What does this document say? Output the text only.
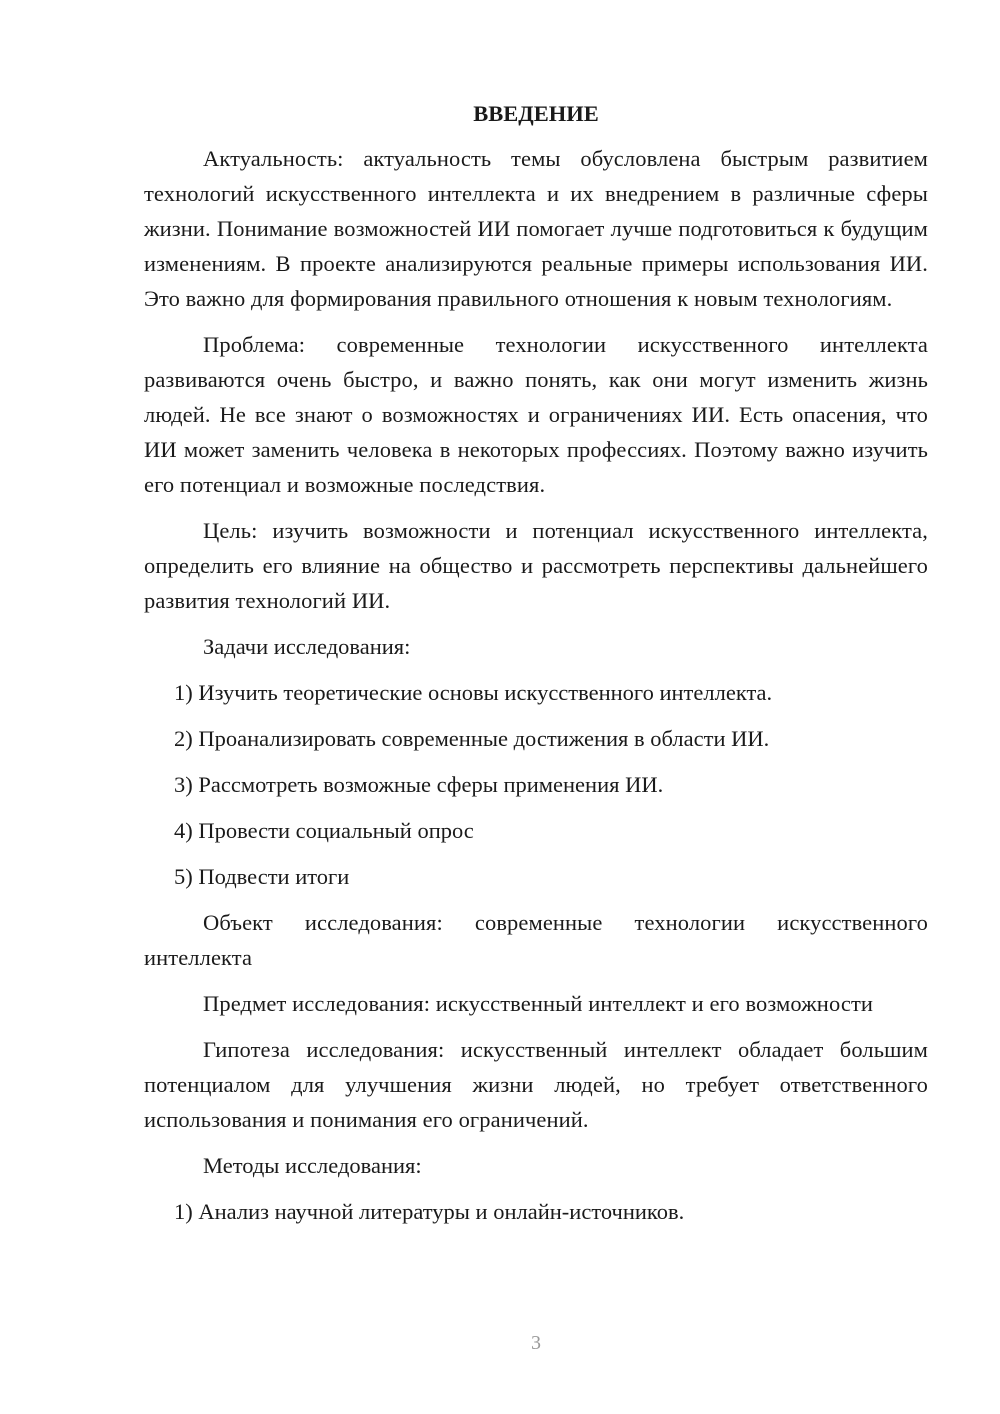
ВВЕДЕНИЕ

Актуальность: актуальность темы обусловлена быстрым развитием технологий искусственного интеллекта и их внедрением в различные сферы жизни. Понимание возможностей ИИ помогает лучше подготовиться к будущим изменениям. В проекте анализируются реальные примеры использования ИИ. Это важно для формирования правильного отношения к новым технологиям.

Проблема: современные технологии искусственного интеллекта развиваются очень быстро, и важно понять, как они могут изменить жизнь людей. Не все знают о возможностях и ограничениях ИИ. Есть опасения, что ИИ может заменить человека в некоторых профессиях. Поэтому важно изучить его потенциал и возможные последствия.

Цель: изучить возможности и потенциал искусственного интеллекта, определить его влияние на общество и рассмотреть перспективы дальнейшего развития технологий ИИ.

Задачи исследования:
1) Изучить теоретические основы искусственного интеллекта.
2) Проанализировать современные достижения в области ИИ.
3) Рассмотреть возможные сферы применения ИИ.
4) Провести социальный опрос
5) Подвести итоги

Объект исследования: современные технологии искусственного интеллекта

Предмет исследования: искусственный интеллект и его возможности

Гипотеза исследования: искусственный интеллект обладает большим потенциалом для улучшения жизни людей, но требует ответственного использования и понимания его ограничений.

Методы исследования:
1) Анализ научной литературы и онлайн-источников.
3
